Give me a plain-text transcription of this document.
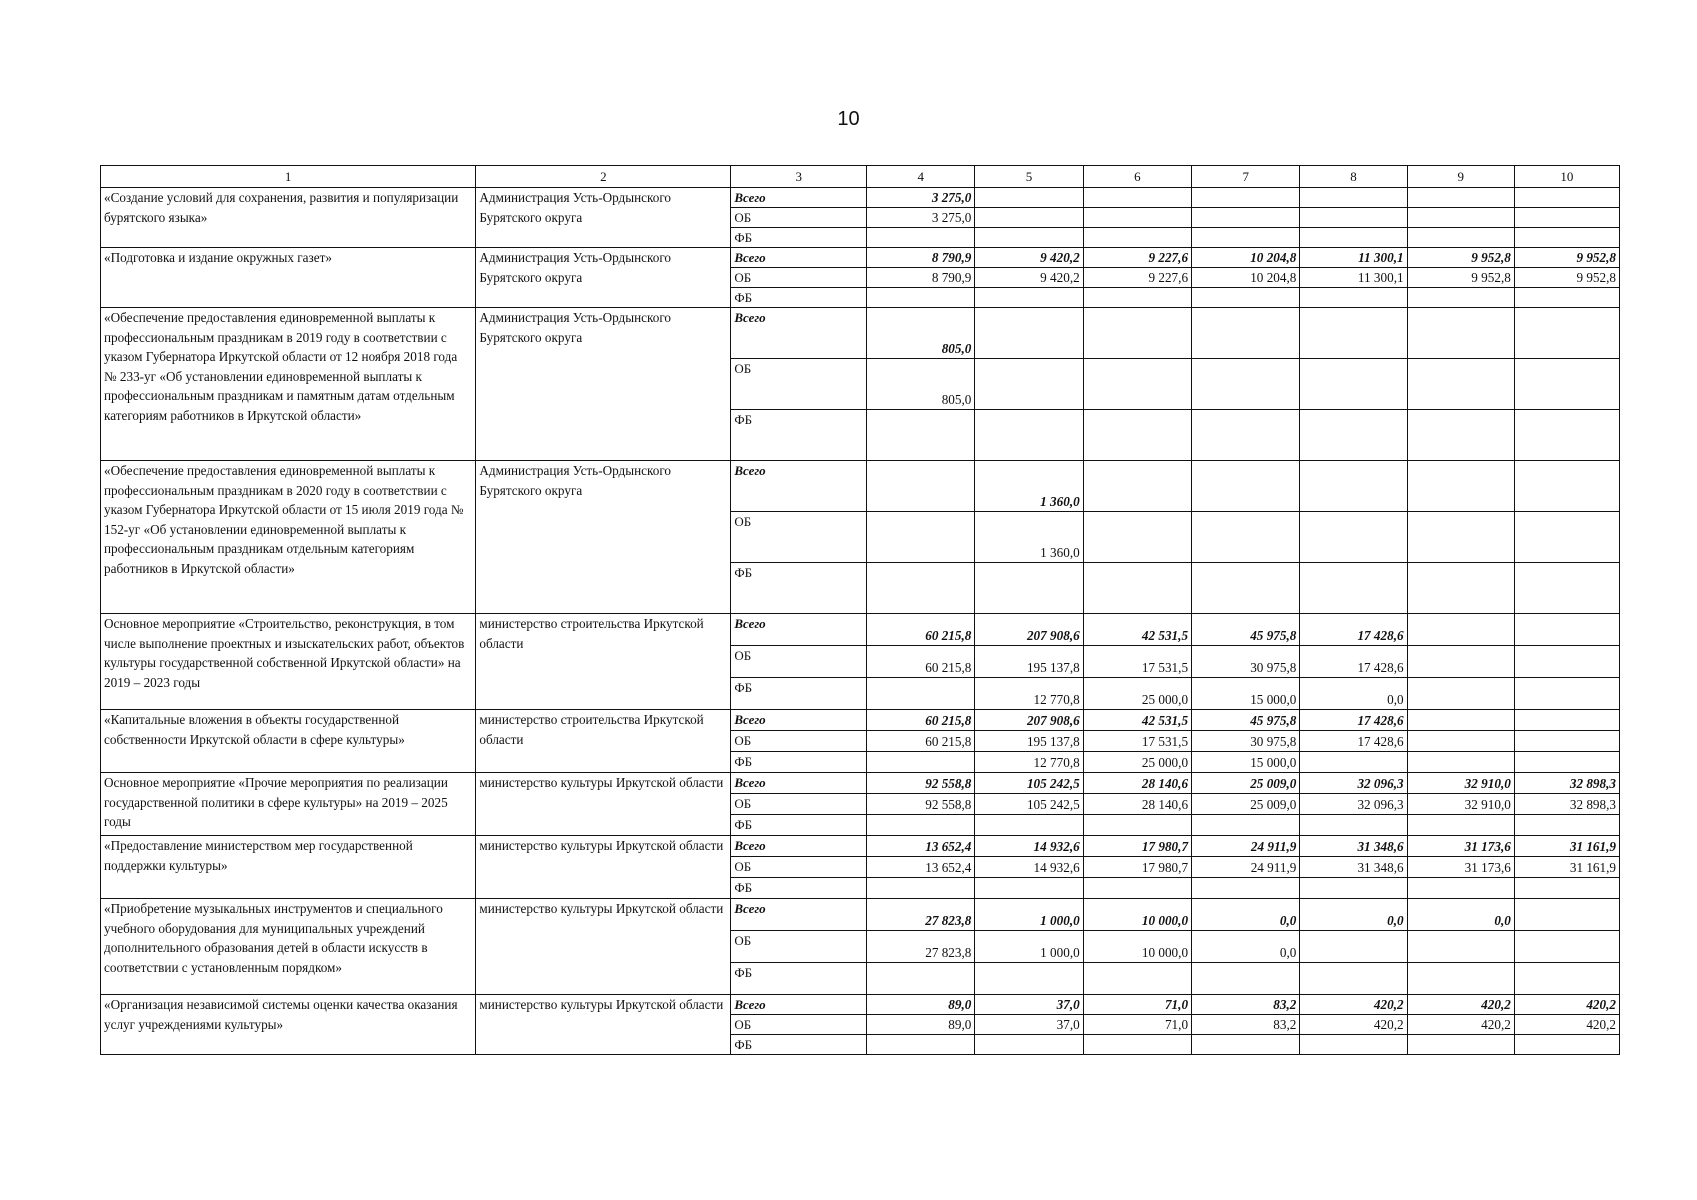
10
1	2	3	4	5	6	7	8	9	10
«Создание условий для сохранения, развития и популяризации бурятского языка»	Администрация Усть-Ордынского Бурятского округа	Всего	3 275,0						
		ОБ	3 275,0						
		ФБ							
«Подготовка и издание окружных газет»	Администрация Усть-Ордынского Бурятского округа	Всего	8 790,9	9 420,2	9 227,6	10 204,8	11 300,1	9 952,8	9 952,8
		ОБ	8 790,9	9 420,2	9 227,6	10 204,8	11 300,1	9 952,8	9 952,8
		ФБ							
«Обеспечение предоставления единовременной выплаты к профессиональным праздникам в 2019 году в соответствии с указом Губернатора Иркутской области от 12 ноября 2018 года № 233-уг «Об установлении единовременной выплаты к профессиональным праздникам и памятным датам отдельным категориям работников в Иркутской области»	Администрация Усть-Ордынского Бурятского округа	Всего	805,0						
		ОБ	805,0						
		ФБ							
«Обеспечение предоставления единовременной выплаты к профессиональным праздникам в 2020 году в соответствии с указом Губернатора Иркутской области от 15 июля 2019 года № 152-уг «Об установлении единовременной выплаты к профессиональным праздникам отдельным категориям работников в Иркутской области»	Администрация Усть-Ордынского Бурятского округа	Всего		1 360,0					
		ОБ		1 360,0					
		ФБ							
Основное мероприятие «Строительство, реконструкция, в том числе выполнение проектных и изыскательских работ, объектов культуры государственной собственной Иркутской области» на 2019 – 2023 годы	министерство строительства Иркутской области	Всего	60 215,8	207 908,6	42 531,5	45 975,8	17 428,6		
		ОБ	60 215,8	195 137,8	17 531,5	30 975,8	17 428,6		
		ФБ		12 770,8	25 000,0	15 000,0	0,0		
«Капитальные вложения в объекты государственной собственности Иркутской области в сфере культуры»	министерство строительства Иркутской области	Всего	60 215,8	207 908,6	42 531,5	45 975,8	17 428,6		
		ОБ	60 215,8	195 137,8	17 531,5	30 975,8	17 428,6		
		ФБ		12 770,8	25 000,0	15 000,0			
Основное мероприятие «Прочие мероприятия по реализации государственной политики в сфере культуры» на 2019 – 2025 годы	министерство культуры Иркутской области	Всего	92 558,8	105 242,5	28 140,6	25 009,0	32 096,3	32 910,0	32 898,3
		ОБ	92 558,8	105 242,5	28 140,6	25 009,0	32 096,3	32 910,0	32 898,3
		ФБ							
«Предоставление министерством мер государственной поддержки культуры»	министерство культуры Иркутской области	Всего	13 652,4	14 932,6	17 980,7	24 911,9	31 348,6	31 173,6	31 161,9
		ОБ	13 652,4	14 932,6	17 980,7	24 911,9	31 348,6	31 173,6	31 161,9
		ФБ							
«Приобретение музыкальных инструментов и специального учебного оборудования для муниципальных учреждений дополнительного образования детей в области искусств в соответствии с установленным порядком»	министерство культуры Иркутской области	Всего	27 823,8	1 000,0	10 000,0	0,0	0,0	0,0	
		ОБ	27 823,8	1 000,0	10 000,0	0,0			
		ФБ							
«Организация независимой системы оценки качества оказания услуг учреждениями культуры»	министерство культуры Иркутской области	Всего	89,0	37,0	71,0	83,2	420,2	420,2	420,2
		ОБ	89,0	37,0	71,0	83,2	420,2	420,2	420,2
		ФБ							
